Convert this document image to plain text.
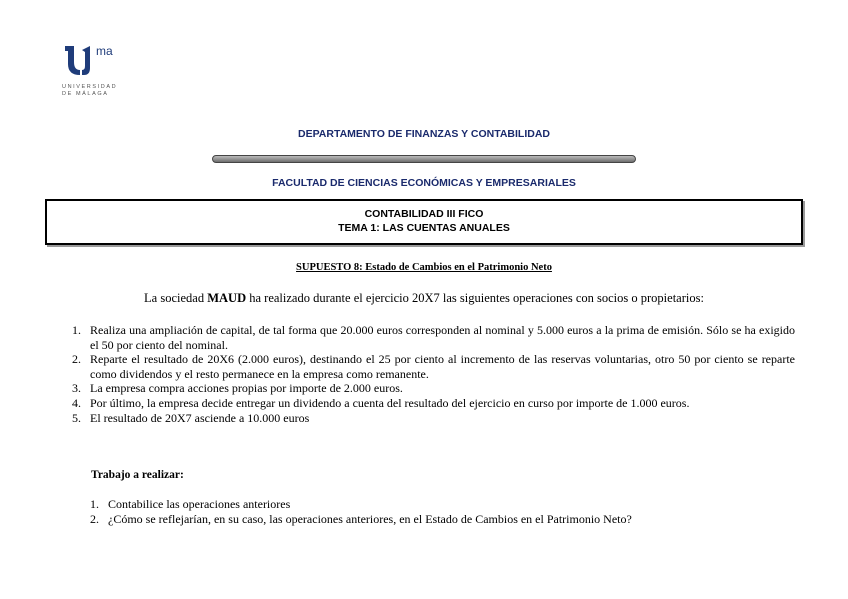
ma
UNIVERSIDAD
DE MÁLAGA
DEPARTAMENTO DE FINANZAS Y CONTABILIDAD
FACULTAD DE CIENCIAS ECONÓMICAS Y EMPRESARIALES
CONTABILIDAD III FICO
TEMA 1: LAS CUENTAS ANUALES
SUPUESTO 8: Estado de Cambios en el Patrimonio Neto
La sociedad MAUD ha realizado durante el ejercicio 20X7 las siguientes operaciones con socios o propietarios:
1. Realiza una ampliación de capital, de tal forma que 20.000 euros corresponden al nominal y 5.000 euros a la prima de emisión. Sólo se ha exigido el 50 por ciento del nominal.
2. Reparte el resultado de 20X6 (2.000 euros), destinando el 25 por ciento al incremento de las reservas voluntarias, otro 50 por ciento se reparte como dividendos y el resto permanece en la empresa como remanente.
3. La empresa compra acciones propias por importe de 2.000 euros.
4. Por último, la empresa decide entregar un dividendo a cuenta del resultado del ejercicio en curso por importe de 1.000 euros.
5. El resultado de 20X7 asciende a 10.000 euros
Trabajo a realizar:
1. Contabilice las operaciones anteriores
2. ¿Cómo se reflejarían, en su caso, las operaciones anteriores, en el Estado de Cambios en el Patrimonio Neto?
